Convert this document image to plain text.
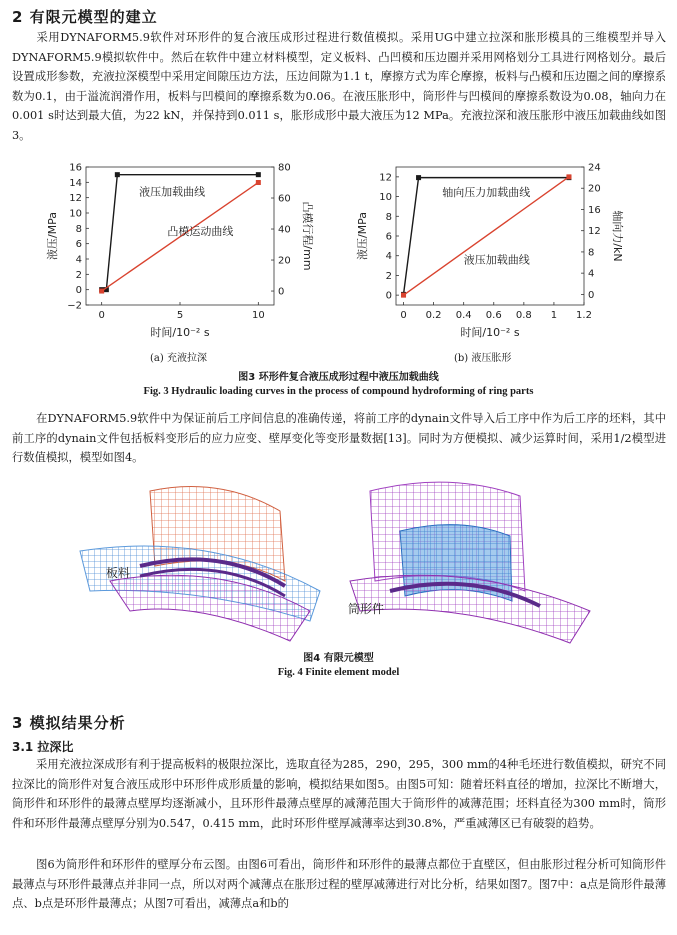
2 有限元模型的建立

采用DYNAFORM5.9软件对环形件的复合液压成形过程进行数值模拟。采用UG中建立拉深和胀形模具的三维模型并导入DYNAFORM5.9模拟软件中。然后在软件中建立材料模型，定义板料、凸凹模和压边圈并采用网格划分工具进行网格划分。最后设置成形参数，充液拉深模型中采用定间隙压边方法，压边间隙为1.1 t，摩擦方式为库仑摩擦，板料与凸模和压边圈之间的摩擦系数为0.1，由于溢流润滑作用，板料与凹模间的摩擦系数为0.06。在液压胀形中，筒形件与凹模间的摩擦系数设为0.08，轴向力在0.001 s时达到最大值，为22 kN，并保持到0.011 s，胀形成形中最大液压为12 MPa。充液拉深和液压胀形中液压加载曲线如图3。

−2
0
2
4
6
8
10
12
14
16
0
20
40
60
80
0	5	10
时间/10⁻² s
液压/MPa	凸模行程/mm
液压加载曲线
凸模运动曲线
0
2
4
6
8
10
12
0
4
8
12
16
20
24
0 0.2 0.4 0.6 0.8 1 1.2
时间/10⁻² s
液压/MPa	轴向力/kN
轴向压力加载曲线
液压加载曲线
(a) 充液拉深	(b) 液压胀形
图3 环形件复合液压成形过程中液压加载曲线
Fig. 3 Hydraulic loading curves in the process of compound hydroforming of ring parts

在DYNAFORM5.9软件中为保证前后工序间信息的准确传递，将前工序的dynain文件导入后工序中作为后工序的坯料，其中前工序的dynain文件包括板料变形后的应力应变、壁厚变化等变形量数据[13]。同时为方便模拟、减少运算时间，采用1/2模型进行数值模拟，模型如图4。

板料
筒形件
图4 有限元模型
Fig. 4 Finite element model
3 模拟结果分析
3.1 拉深比

采用充液拉深成形有利于提高板料的极限拉深比，选取直径为285，290，295，300 mm的4种毛坯进行数值模拟，研究不同拉深比的筒形件对复合液压成形中环形件成形质量的影响，模拟结果如图5。由图5可知：随着坯料直径的增加，拉深比不断增大，筒形件和环形件的最薄点壁厚均逐渐减小，且环形件最薄点壁厚的减薄范围大于筒形件的减薄范围；坯料直径为300 mm时，筒形件和环形件最薄点壁厚分别为0.547，0.415 mm，此时环形件壁厚减薄率达到30.8%，严重减薄区已有破裂的趋势。

图6为筒形件和环形件的壁厚分布云图。由图6可看出，筒形件和环形件的最薄点都位于直壁区，但由胀形过程分析可知筒形件最薄点与环形件最薄点并非同一点，所以对两个减薄点在胀形过程的壁厚减薄进行对比分析，结果如图7。图7中：a点是筒形件最薄点、b点是环形件最薄点；从图7可看出，减薄点a和b的
